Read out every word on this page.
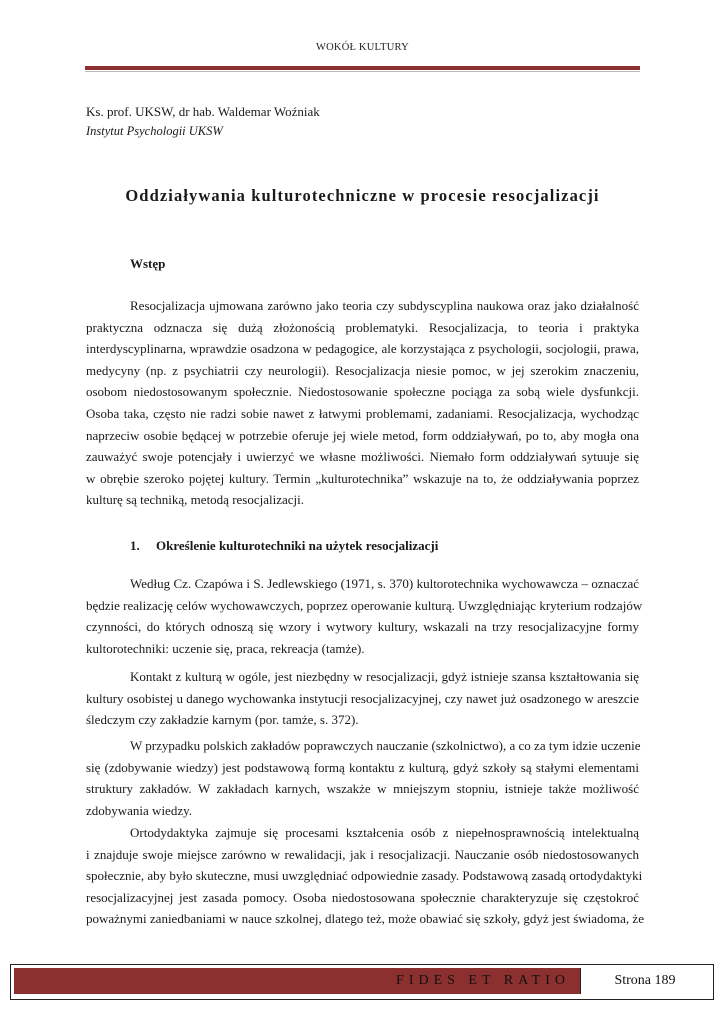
WOKÓŁ KULTURY
Ks. prof. UKSW, dr hab. Waldemar Woźniak
Instytut Psychologii UKSW
Oddziaływania kulturotechniczne w procesie resocjalizacji
Wstęp
Resocjalizacja ujmowana zarówno jako teoria czy subdyscyplina naukowa oraz jako działalność
praktyczna odznacza się dużą złożonością problematyki. Resocjalizacja, to teoria i praktyka
interdyscyplinarna, wprawdzie osadzona w pedagogice, ale korzystająca z psychologii, socjologii, prawa,
medycyny (np. z psychiatrii czy neurologii). Resocjalizacja niesie pomoc, w jej szerokim znaczeniu,
osobom niedostosowanym społecznie. Niedostosowanie społeczne pociąga za sobą wiele dysfunkcji.
Osoba taka, często nie radzi sobie nawet z łatwymi problemami, zadaniami. Resocjalizacja, wychodząc
naprzeciw osobie będącej w potrzebie oferuje jej wiele metod, form oddziaływań, po to, aby mogła ona
zauważyć swoje potencjały i uwierzyć we własne możliwości. Niemało form oddziaływań sytuuje się
w obrębie szeroko pojętej kultury. Termin „kulturotechnika” wskazuje na to, że oddziaływania poprzez
kulturę są techniką, metodą resocjalizacji.
1. Określenie kulturotechniki na użytek resocjalizacji
Według Cz. Czapówa i S. Jedlewskiego (1971, s. 370) kultorotechnika wychowawcza – oznaczać
będzie realizację celów wychowawczych, poprzez operowanie kulturą. Uwzględniając kryterium rodzajów
czynności, do których odnoszą się wzory i wytwory kultury, wskazali na trzy resocjalizacyjne formy
kultorotechniki: uczenie się, praca, rekreacja (tamże).
Kontakt z kulturą w ogóle, jest niezbędny w resocjalizacji, gdyż istnieje szansa kształtowania się
kultury osobistej u danego wychowanka instytucji resocjalizacyjnej, czy nawet już osadzonego w areszcie
śledczym czy zakładzie karnym (por. tamże, s. 372).
W przypadku polskich zakładów poprawczych nauczanie (szkolnictwo), a co za tym idzie uczenie
się (zdobywanie wiedzy) jest podstawową formą kontaktu z kulturą, gdyż szkoły są stałymi elementami
struktury zakładów. W zakładach karnych, wszakże w mniejszym stopniu, istnieje także możliwość
zdobywania wiedzy.
Ortodydaktyka zajmuje się procesami kształcenia osób z niepełnosprawnością intelektualną
i znajduje swoje miejsce zarówno w rewalidacji, jak i resocjalizacji. Nauczanie osób niedostosowanych
społecznie, aby było skuteczne, musi uwzględniać odpowiednie zasady. Podstawową zasadą ortodydaktyki
resocjalizacyjnej jest zasada pomocy. Osoba niedostosowana społecznie charakteryzuje się częstokroć
poważnymi zaniedbaniami w nauce szkolnej, dlatego też, może obawiać się szkoły, gdyż jest świadoma, że
FIDES ET RATIO	Strona 189
